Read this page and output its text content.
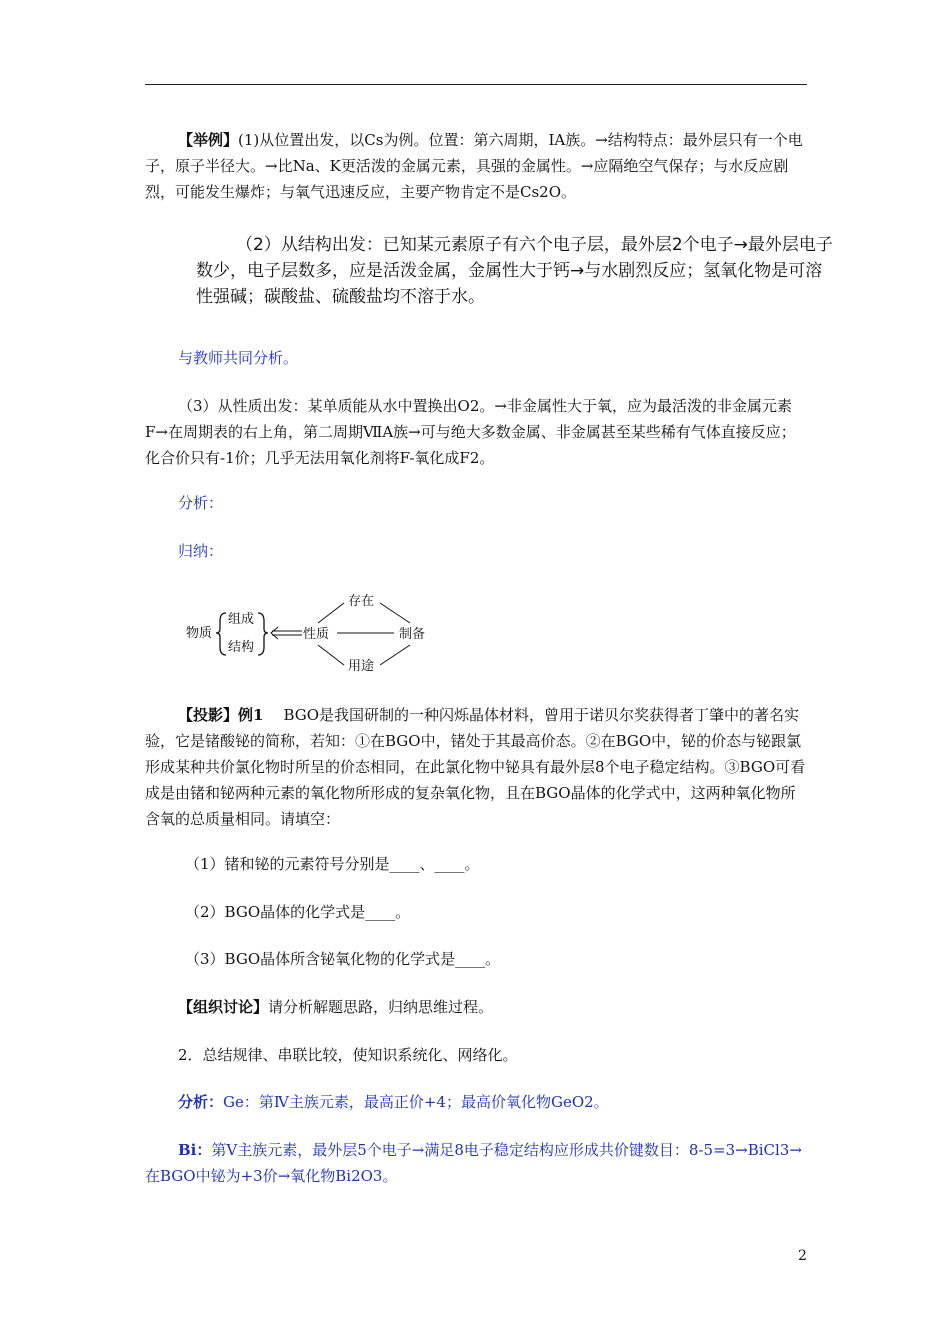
【举例】(1)从位置出发，以Cs为例。位置：第六周期，IA族。→结构特点：最外层只有一个电子，原子半径大。→比Na、K更活泼的金属元素，具强的金属性。→应隔绝空气保存；与水反应剧烈，可能发生爆炸；与氧气迅速反应，主要产物肯定不是Cs2O。

（2）从结构出发：已知某元素原子有六个电子层，最外层2个电子→最外层电子数少，电子层数多，应是活泼金属，金属性大于钙→与水剧烈反应；氢氧化物是可溶性强碱；碳酸盐、硫酸盐均不溶于水。

与教师共同分析。

（3）从性质出发：某单质能从水中置换出O2。→非金属性大于氧，应为最活泼的非金属元素F→在周期表的右上角，第二周期ⅦA族→可与绝大多数金属、非金属甚至某些稀有气体直接反应；化合价只有-1价；几乎无法用氧化剂将F-氧化成F2。

分析：

归纳：

物质
组成
结构
性质	制备
存在
用途

【投影】例1 BGO是我国研制的一种闪烁晶体材料，曾用于诺贝尔奖获得者丁肇中的著名实验，它是锗酸铋的简称，若知：①在BGO中，锗处于其最高价态。②在BGO中，铋的价态与铋跟氯形成某种共价氯化物时所呈的价态相同，在此氯化物中铋具有最外层8个电子稳定结构。③BGO可看成是由锗和铋两种元素的氧化物所形成的复杂氧化物，且在BGO晶体的化学式中，这两种氧化物所含氧的总质量相同。请填空：

（1）锗和铋的元素符号分别是____、____。

（2）BGO晶体的化学式是____。

（3）BGO晶体所含铋氧化物的化学式是____。

【组织讨论】请分析解题思路，归纳思维过程。

2．总结规律、串联比较，使知识系统化、网络化。

分析：Ge：第Ⅳ主族元素，最高正价+4；最高价氧化物GeO2。

Bi：第Ⅴ主族元素，最外层5个电子→满足8电子稳定结构应形成共价键数目：8-5=3→BiCl3→在BGO中铋为+3价→氧化物Bi2O3。

2
